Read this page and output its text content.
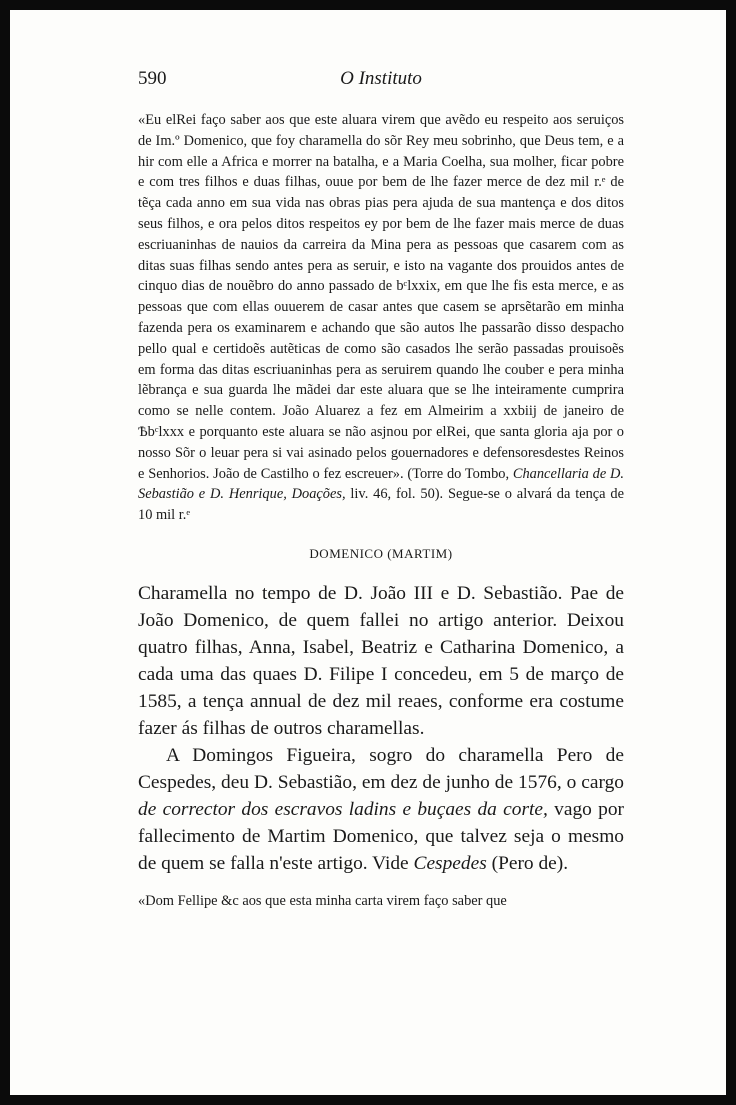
590	O Instituto

«Eu elRei faço saber aos que este aluara virem que avẽdo eu respeito aos seruiços de Im.º Domenico, que foy charamella do sõr Rey meu sobrinho, que Deus tem, e a hir com elle a Africa e morrer na batalha, e a Maria Coelha, sua molher, ficar pobre e com tres filhos e duas filhas, ouue por bem de lhe fazer merce de dez mil r.ᵉ de tẽça cada anno em sua vida nas obras pias pera ajuda de sua mantença e dos ditos seus filhos, e ora pelos ditos respeitos ey por bem de lhe fazer mais merce de duas escriuaninhas de nauios da carreira da Mina pera as pessoas que casarem com as ditas suas filhas sendo antes pera as seruir, e isto na vagante dos prouidos antes de cinquo dias de nouẽbro do anno passado de bᶜlxxix, em que lhe fis esta merce, e as pessoas que com ellas ouuerem de casar antes que casem se aprsẽtarão em minha fazenda pera os examinarem e achando que são autos lhe passarão disso despacho pello qual e certidoẽs autẽticas de como são casados lhe serão passadas prouisoẽs em forma das ditas escriuaninhas pera as seruirem quando lhe couber e pera minha lẽbrança e sua guarda lhe mãdei dar este aluara que se lhe inteiramente cumprira como se nelle contem. João Aluarez a fez em Almeirim a xxbiij de janeiro de Ѣbᶜlxxx e porquanto este aluara se não asjnou por elRei, que santa gloria aja por o nosso Sõr o leuar pera si vai asinado pelos gouernadores e defensoresdestes Reinos e Senhorios. João de Castilho o fez escreuer». (Torre do Tombo, Chancellaria de D. Sebastião e D. Henrique, Doações, liv. 46, fol. 50). Segue-se o alvará da tença de 10 mil r.ᵉ

DOMENICO (MARTIM)

Charamella no tempo de D. João III e D. Sebastião. Pae de João Domenico, de quem fallei no artigo anterior. Deixou quatro filhas, Anna, Isabel, Beatriz e Catharina Domenico, a cada uma das quaes D. Filipe I concedeu, em 5 de março de 1585, a tença annual de dez mil reaes, conforme era costume fazer ás filhas de outros charamellas.

A Domingos Figueira, sogro do charamella Pero de Cespedes, deu D. Sebastião, em dez de junho de 1576, o cargo de corrector dos escravos ladins e buçaes da corte, vago por fallecimento de Martim Domenico, que talvez seja o mesmo de quem se falla n'este artigo. Vide Cespedes (Pero de).

«Dom Fellipe &c aos que esta minha carta virem faço saber que
